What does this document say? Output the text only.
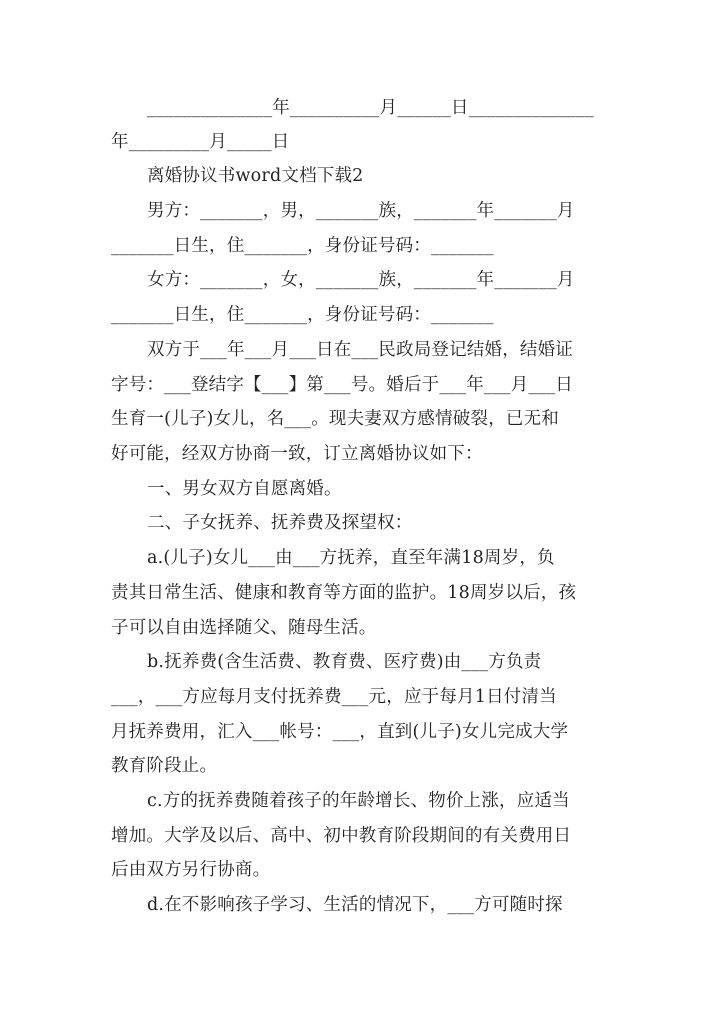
______________年__________月______日______________
年_________月_____日
离婚协议书word文档下载2
男方：_______，男，_______族，_______年_______月
_______日生，住_______，身份证号码：_______
女方：_______，女，_______族，_______年_______月
_______日生，住_______，身份证号码：_______
双方于___年___月___日在___民政局登记结婚，结婚证
字号：___登结字【___】第___号。婚后于___年___月___日
生育一(儿子)女儿，名___。现夫妻双方感情破裂，已无和
好可能，经双方协商一致，订立离婚协议如下：
一、男女双方自愿离婚。
二、子女抚养、抚养费及探望权：
a.(儿子)女儿___由___方抚养，直至年满18周岁，负
责其日常生活、健康和教育等方面的监护。18周岁以后，孩
子可以自由选择随父、随母生活。
b.抚养费(含生活费、教育费、医疗费)由___方负责
___，___方应每月支付抚养费___元，应于每月1日付清当
月抚养费用，汇入___帐号：___，直到(儿子)女儿完成大学
教育阶段止。
c.方的抚养费随着孩子的年龄增长、物价上涨，应适当
增加。大学及以后、高中、初中教育阶段期间的有关费用日
后由双方另行协商。
d.在不影响孩子学习、生活的情况下，___方可随时探
